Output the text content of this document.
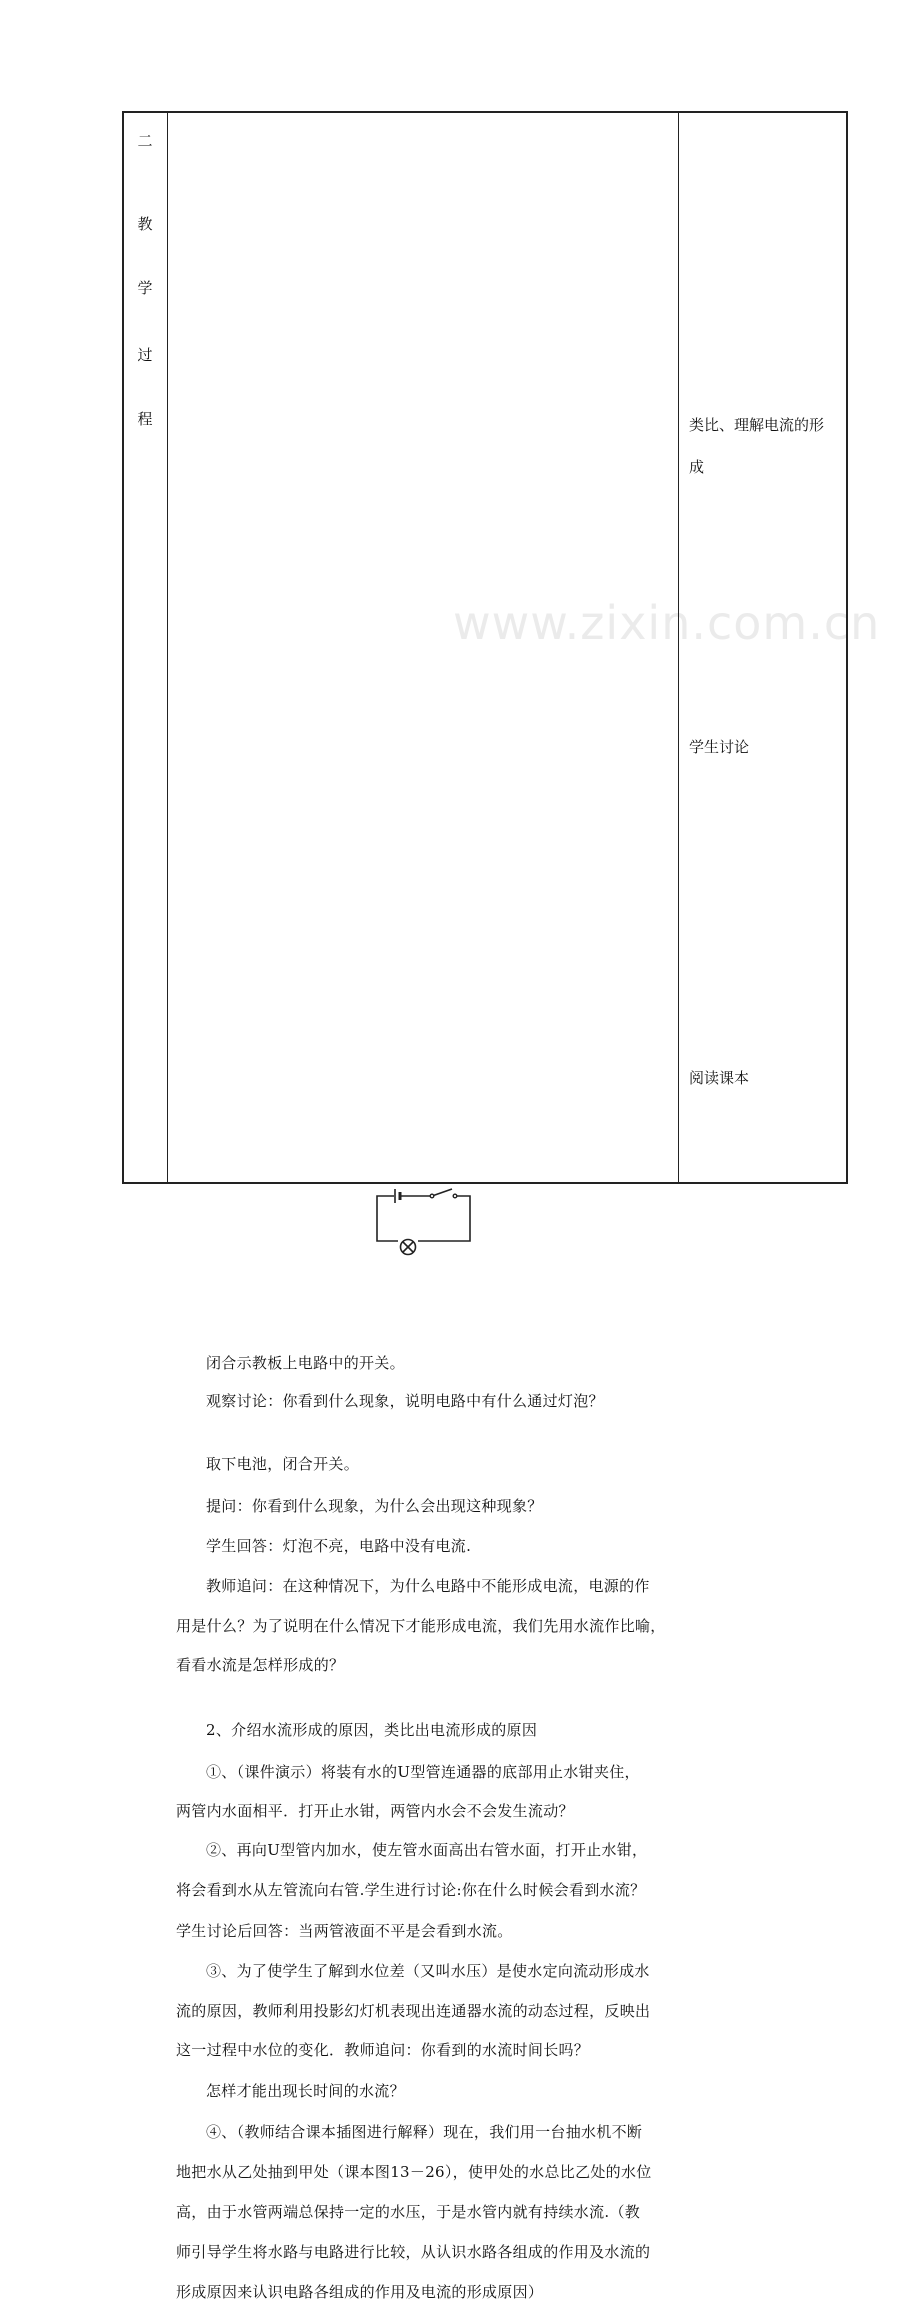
www.zixin.com.cn
二
教
学
过
程	类比、理解电流的形
成
学生讨论
阅读课本
闭合示教板上电路中的开关。
观察讨论：你看到什么现象，说明电路中有什么通过灯泡？
取下电池，闭合开关。
提问：你看到什么现象，为什么会出现这种现象？
学生回答：灯泡不亮，电路中没有电流.
教师追问：在这种情况下，为什么电路中不能形成电流，电源的作
用是什么？为了说明在什么情况下才能形成电流，我们先用水流作比喻，
看看水流是怎样形成的？
2、介绍水流形成的原因，类比出电流形成的原因
①、（课件演示）将装有水的U型管连通器的底部用止水钳夹住，
两管内水面相平．打开止水钳，两管内水会不会发生流动？
②、再向U型管内加水，使左管水面高出右管水面，打开止水钳，
将会看到水从左管流向右管.学生进行讨论:你在什么时候会看到水流？
学生讨论后回答：当两管液面不平是会看到水流。
③、为了使学生了解到水位差（又叫水压）是使水定向流动形成水
流的原因，教师利用投影幻灯机表现出连通器水流的动态过程，反映出
这一过程中水位的变化．教师追问：你看到的水流时间长吗？
怎样才能出现长时间的水流？
④、（教师结合课本插图进行解释）现在，我们用一台抽水机不断
地把水从乙处抽到甲处（课本图13－26），使甲处的水总比乙处的水位
高，由于水管两端总保持一定的水压，于是水管内就有持续水流.（教
师引导学生将水路与电路进行比较，从认识水路各组成的作用及水流的
形成原因来认识电路各组成的作用及电流的形成原因）
